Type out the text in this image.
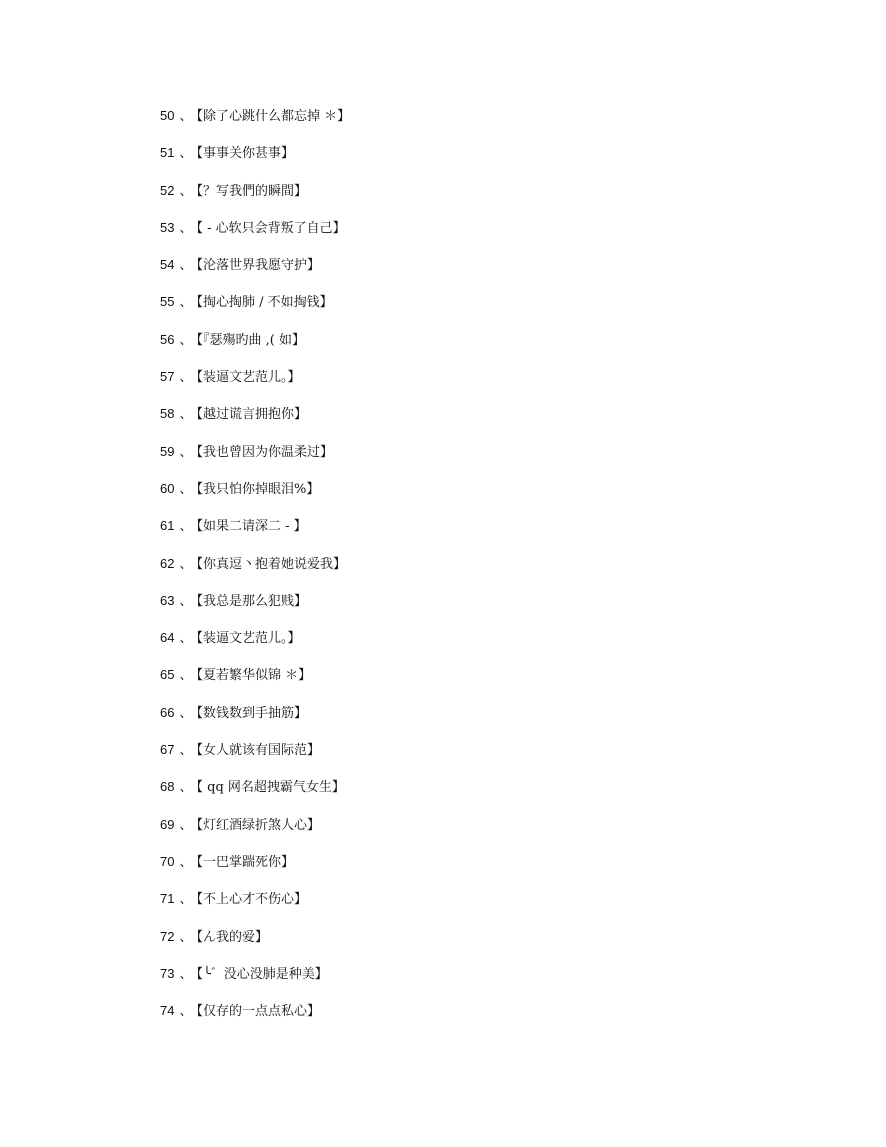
50 、 【除了心跳什么都忘掉 ＊】
51 、 【事事关你甚事】
52 、 【？写我們的瞬間】
53 、 【 - 心软只会背叛了自己】
54 、 【沦落世界我愿守护】
55 、 【掏心掏肺 / 不如掏钱】
56 、 【『瑟殤旳曲 ,( 如】
57 、 【装逼文艺范儿。】
58 、 【越过谎言拥抱你】
59 、 【我也曾因为你温柔过】
60 、 【我只怕你掉眼泪%】
61 、 【如果二请深二 - 】
62 、 【你真逗丶抱着她说爱我】
63 、 【我总是那么犯贱】
64 、 【装逼文艺范儿。】
65 、 【夏若繁华似锦 ＊】
66 、 【数钱数到手抽筋】
67 、 【女人就该有国际范】
68 、 【 qq 网名超拽霸气女生】
69 、 【灯红酒绿折煞人心】
70 、 【一巴掌踹死你】
71 、 【不上心才不伤心】
72 、 【ん我的爱】
73 、 【╰゛没心没肺是种美】
74 、 【仅存的一点点私心】
